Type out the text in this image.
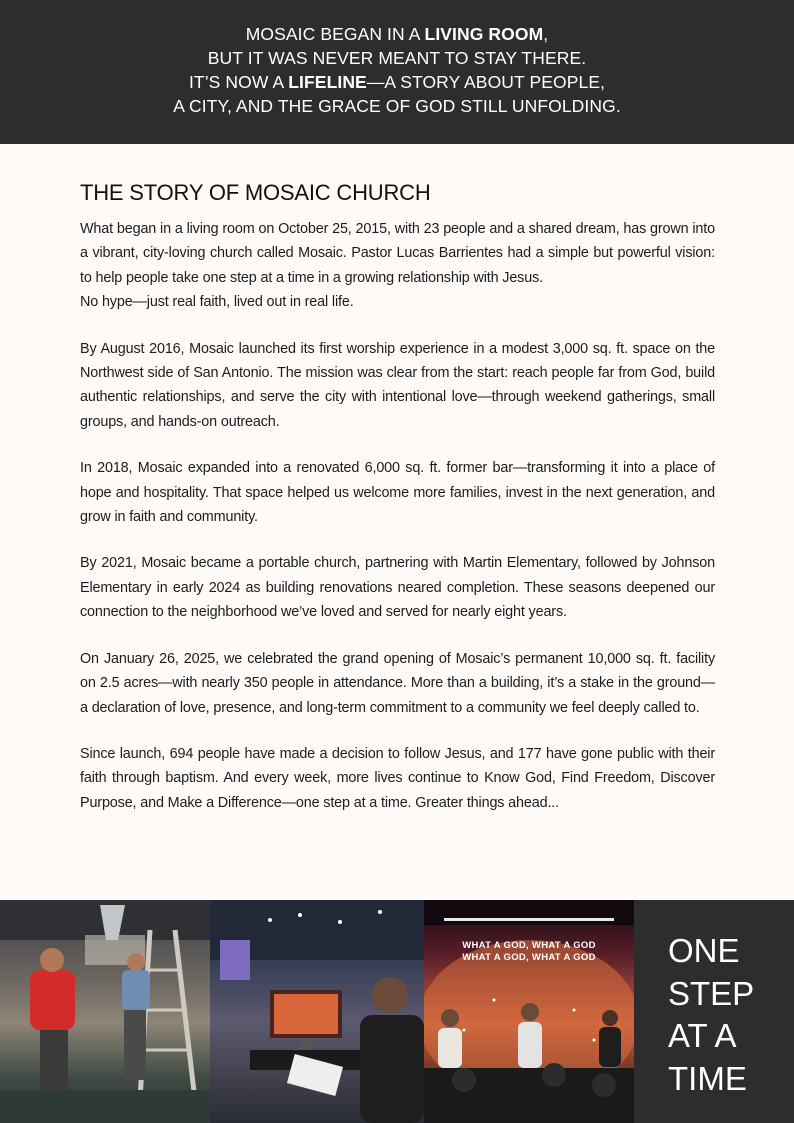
MOSAIC BEGAN IN A LIVING ROOM,
BUT IT WAS NEVER MEANT TO STAY THERE.
IT’S NOW A LIFELINE—A STORY ABOUT PEOPLE,
A CITY, AND THE GRACE OF GOD STILL UNFOLDING.
THE STORY OF MOSAIC CHURCH

What began in a living room on October 25, 2015, with 23 people and a shared dream, has grown into a vibrant, city-loving church called Mosaic. Pastor Lucas Barrientes had a simple but powerful vision: to help people take one step at a time in a growing relationship with Jesus.
No hype—just real faith, lived out in real life.

By August 2016, Mosaic launched its first worship experience in a modest 3,000 sq. ft. space on the Northwest side of San Antonio. The mission was clear from the start: reach people far from God, build authentic relationships, and serve the city with intentional love—through weekend gatherings, small groups, and hands-on outreach.

In 2018, Mosaic expanded into a renovated 6,000 sq. ft. former bar—transforming it into a place of hope and hospitality. That space helped us welcome more families, invest in the next generation, and grow in faith and community.

By 2021, Mosaic became a portable church, partnering with Martin Elementary, followed by Johnson Elementary in early 2024 as building renovations neared completion. These seasons deepened our connection to the neighborhood we’ve loved and served for nearly eight years.

On January 26, 2025, we celebrated the grand opening of Mosaic’s permanent 10,000 sq. ft. facility on 2.5 acres—with nearly 350 people in attendance. More than a building, it’s a stake in the ground—a declaration of love, presence, and long-term commitment to a community we feel deeply called to.

Since launch, 694 people have made a decision to follow Jesus, and 177 have gone public with their faith through baptism. And every week, more lives continue to Know God, Find Freedom, Discover Purpose, and Make a Difference—one step at a time. Greater things ahead...

WHAT A GOD, WHAT A GOD
WHAT A GOD, WHAT A GOD ONE
STEP
AT A
TIME
